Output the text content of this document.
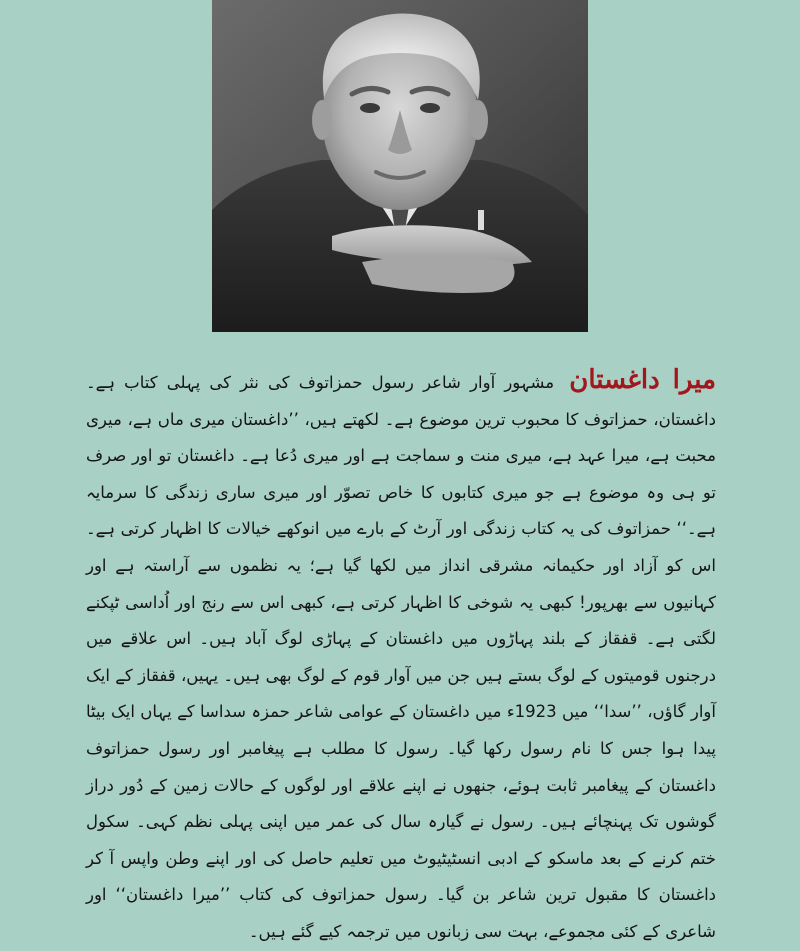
میرا داغستان مشہور آوار شاعر رسول حمزاتوف کی نثر کی پہلی کتاب ہے۔ داغستان، حمزاتوف کا محبوب ترین موضوع ہے۔ لکھتے ہیں، ’’داغستان میری ماں ہے، میری محبت ہے، میرا عہد ہے، میری منت و سماجت ہے اور میری دُعا ہے۔ داغستان تو اور صرف تو ہی وہ موضوع ہے جو میری کتابوں کا خاص تصوّر اور میری ساری زندگی کا سرمایہ ہے۔‘‘ حمزاتوف کی یہ کتاب زندگی اور آرٹ کے بارے میں انوکھے خیالات کا اظہار کرتی ہے۔ اس کو آزاد اور حکیمانہ مشرقی انداز میں لکھا گیا ہے؛ یہ نظموں سے آراستہ ہے اور کہانیوں سے بھرپور! کبھی یہ شوخی کا اظہار کرتی ہے، کبھی اس سے رنج اور اُداسی ٹپکنے لگتی ہے۔ قفقاز کے بلند پہاڑوں میں داغستان کے پہاڑی لوگ آباد ہیں۔ اس علاقے میں درجنوں قومیتوں کے لوگ بستے ہیں جن میں آوار قوم کے لوگ بھی ہیں۔ یہیں، قفقاز کے ایک آوار گاؤں، ’’سدا‘‘ میں 1923ء میں داغستان کے عوامی شاعر حمزہ سداسا کے یہاں ایک بیٹا پیدا ہوا جس کا نام رسول رکھا گیا۔ رسول کا مطلب ہے پیغامبر اور رسول حمزاتوف داغستان کے پیغامبر ثابت ہوئے، جنھوں نے اپنے علاقے اور لوگوں کے حالات زمین کے دُور دراز گوشوں تک پہنچائے ہیں۔ رسول نے گیارہ سال کی عمر میں اپنی پہلی نظم کہی۔ سکول ختم کرنے کے بعد ماسکو کے ادبی انسٹیٹیوٹ میں تعلیم حاصل کی اور اپنے وطن واپس آ کر داغستان کا مقبول ترین شاعر بن گیا۔ رسول حمزاتوف کی کتاب ’’میرا داغستان‘‘ اور شاعری کے کئی مجموعے، بہت سی زبانوں میں ترجمہ کیے گئے ہیں۔
